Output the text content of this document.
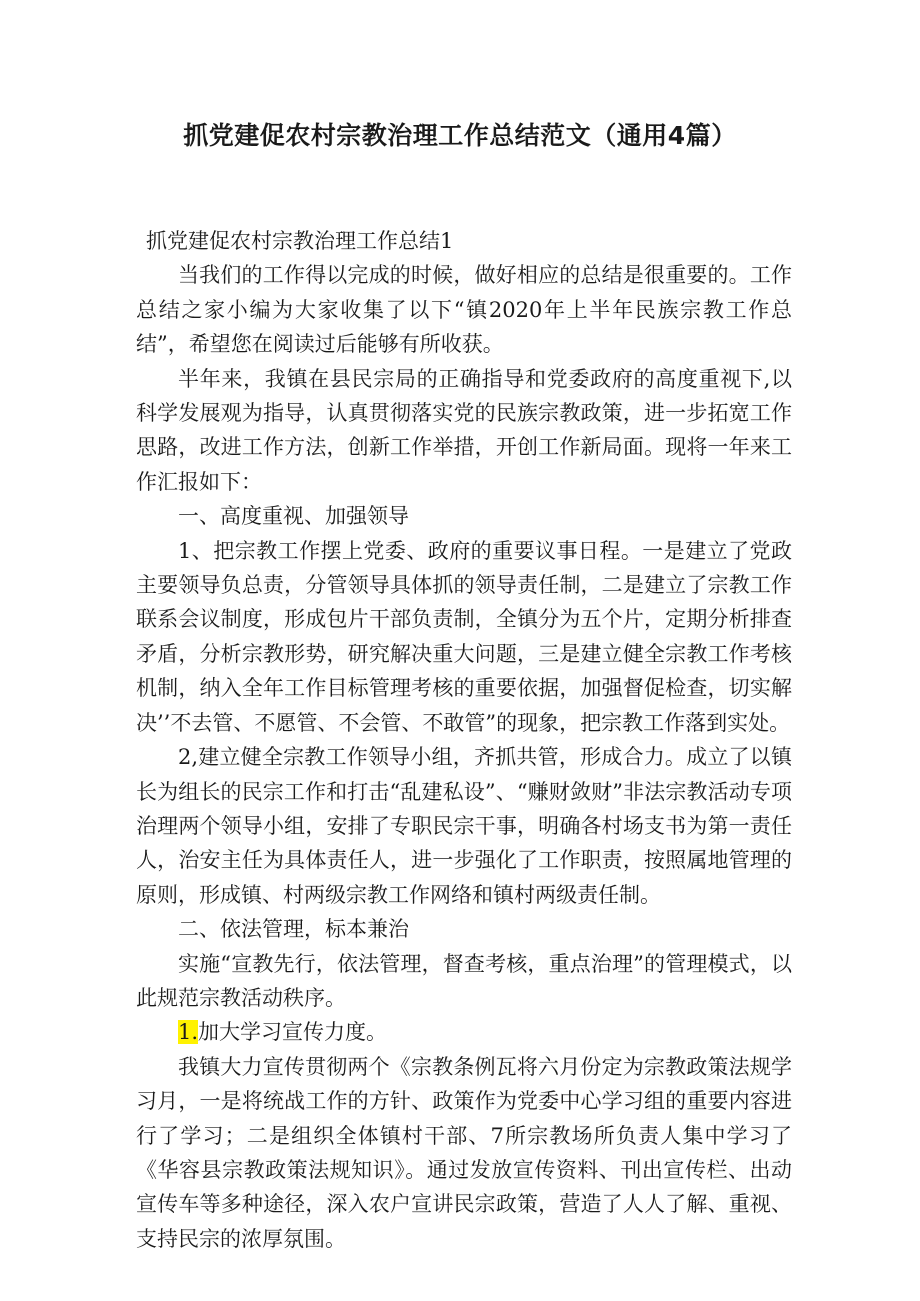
抓党建促农村宗教治理工作总结范文（通用4篇）

抓党建促农村宗教治理工作总结1

当我们的工作得以完成的时候，做好相应的总结是很重要的。工作总结之家小编为大家收集了以下“镇2020年上半年民族宗教工作总结”，希望您在阅读过后能够有所收获。

半年来，我镇在县民宗局的正确指导和党委政府的高度重视下,以科学发展观为指导，认真贯彻落实党的民族宗教政策，进一步拓宽工作思路，改进工作方法，创新工作举措，开创工作新局面。现将一年来工作汇报如下：

一、高度重视、加强领导

1、把宗教工作摆上党委、政府的重要议事日程。一是建立了党政主要领导负总责，分管领导具体抓的领导责任制，二是建立了宗教工作联系会议制度，形成包片干部负责制，全镇分为五个片，定期分析排查矛盾，分析宗教形势，研究解决重大问题，三是建立健全宗教工作考核机制，纳入全年工作目标管理考核的重要依据，加强督促检查，切实解决’’不去管、不愿管、不会管、不敢管”的现象，把宗教工作落到实处。

2,建立健全宗教工作领导小组，齐抓共管，形成合力。成立了以镇长为组长的民宗工作和打击“乱建私设”、“赚财敛财”非法宗教活动专项治理两个领导小组，安排了专职民宗干事，明确各村场支书为第一责任人，治安主任为具体责任人，进一步强化了工作职责，按照属地管理的原则，形成镇、村两级宗教工作网络和镇村两级责任制。

二、依法管理，标本兼治

实施“宣教先行，依法管理，督查考核，重点治理”的管理模式，以此规范宗教活动秩序。

1.加大学习宣传力度。

我镇大力宣传贯彻两个《宗教条例瓦将六月份定为宗教政策法规学习月，一是将统战工作的方针、政策作为党委中心学习组的重要内容进行了学习；二是组织全体镇村干部、7所宗教场所负责人集中学习了《华容县宗教政策法规知识》。通过发放宣传资料、刊出宣传栏、出动宣传车等多种途径，深入农户宣讲民宗政策，营造了人人了解、重视、支持民宗的浓厚氛围。
